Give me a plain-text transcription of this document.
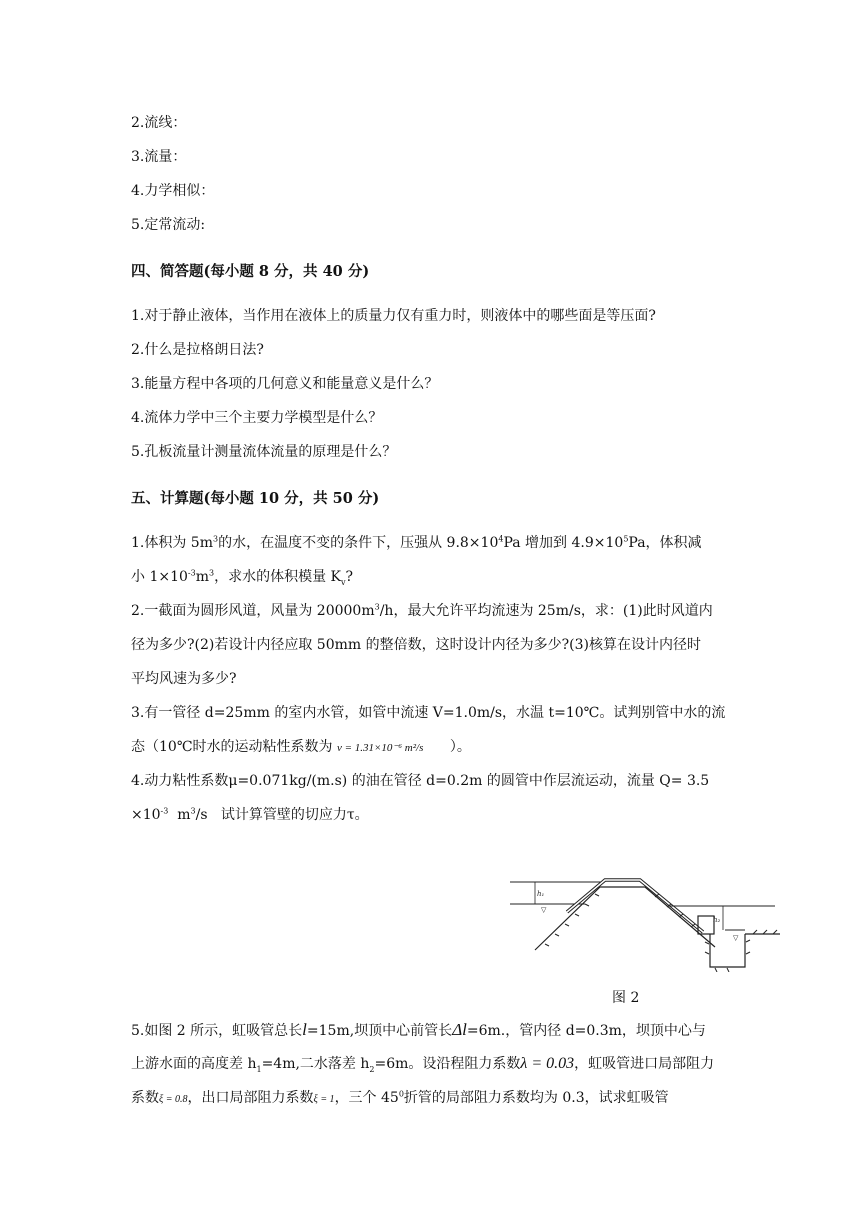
2.流线：
3.流量：
4.力学相似：
5.定常流动:
四、简答题(每小题 8 分，共 40 分)
1.对于静止液体，当作用在液体上的质量力仅有重力时，则液体中的哪些面是等压面?
2.什么是拉格朗日法?
3.能量方程中各项的几何意义和能量意义是什么？
4.流体力学中三个主要力学模型是什么？
5.孔板流量计测量流体流量的原理是什么？
五、计算题(每小题 10 分，共 50 分)
1.体积为 $5m^3$的水，在温度不变的条件下，压强从 $9.8\times 10^4Pa$ 增加到 $4.9\times 10^5Pa$，体积减
小 $1\times 10^{-3}m^3$，求水的体积模量 $K_v$?
2.一截面为圆形风道，风量为 $20000m^3/h$，最大允许平均流速为 25m/s，求：(1)此时风道内
径为多少?(2)若设计内径应取 50mm 的整倍数，这时设计内径为多少?(3)核算在设计内径时
平均风速为多少?
3.有一管径 d=25mm 的室内水管，如管中流速 V=1.0m/s，水温 t=10℃。试判别管中水的流
态（10℃时水的运动粘性系数为 ν = 1.31×10⁻⁶ m²/s ）。
4.动力粘性系数μ=0.071kg/(m.s) 的油在管径 d=0.2m 的圆管中作层流运动，流量 Q= 3.5
$\times 10^{-3}$  $m^3/s$   试计算管壁的切应力τ。
▽
h₁
▽
h₂
图 2
5.如图 2 所示，虹吸管总长l=15m,坝顶中心前管长Δl=6m.，管内径 d=0.3m，坝顶中心与
上游水面的高度差 $h_1=4m$,二水落差 $h_2=6m$。设沿程阻力系数λ = 0.03，虹吸管进口局部阻力
系数ξ = 0.8，出口局部阻力系数ξ = 1，三个 $45^0$折管的局部阻力系数均为 0.3，试求虹吸管
